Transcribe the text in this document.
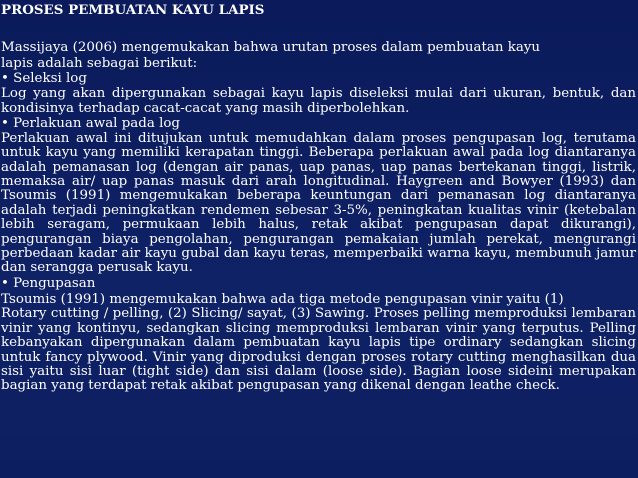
PROSES PEMBUATAN KAYU LAPIS
Massijaya (2006) mengemukakan bahwa urutan proses dalam pembuatan kayu
lapis adalah sebagai berikut:
• Seleksi log
Log yang akan dipergunakan sebagai kayu lapis diseleksi mulai dari ukuran, bentuk, dan kondisinya terhadap cacat-cacat yang masih diperbolehkan.
• Perlakuan awal pada log
Perlakuan awal ini ditujukan untuk memudahkan dalam proses pengupasan log, terutama untuk kayu yang memiliki kerapatan tinggi. Beberapa perlakuan awal pada log diantaranya adalah pemanasan log (dengan air panas, uap panas, uap panas bertekanan tinggi, listrik, memaksa air/ uap panas masuk dari arah longitudinal. Haygreen and Bowyer (1993) dan Tsoumis (1991) mengemukakan beberapa keuntungan dari pemanasan log diantaranya adalah terjadi peningkatkan rendemen sebesar 3-5%, peningkatan kualitas vinir (ketebalan lebih seragam, permukaan lebih halus, retak akibat pengupasan dapat dikurangi), pengurangan biaya pengolahan, pengurangan pemakaian jumlah perekat, mengurangi perbedaan kadar air kayu gubal dan kayu teras, memperbaiki warna kayu, membunuh jamur dan serangga perusak kayu.
• Pengupasan
Tsoumis (1991) mengemukakan bahwa ada tiga metode pengupasan vinir yaitu (1)
Rotary cutting / pelling, (2) Slicing/ sayat, (3) Sawing. Proses pelling memproduksi lembaran vinir yang kontinyu, sedangkan slicing memproduksi lembaran vinir yang terputus. Pelling kebanyakan dipergunakan dalam pembuatan kayu lapis tipe ordinary sedangkan slicing untuk fancy plywood. Vinir yang diproduksi dengan proses rotary cutting menghasilkan dua sisi yaitu sisi luar (tight side) dan sisi dalam (loose side). Bagian loose sideini merupakan bagian yang terdapat retak akibat pengupasan yang dikenal dengan leathe check.
